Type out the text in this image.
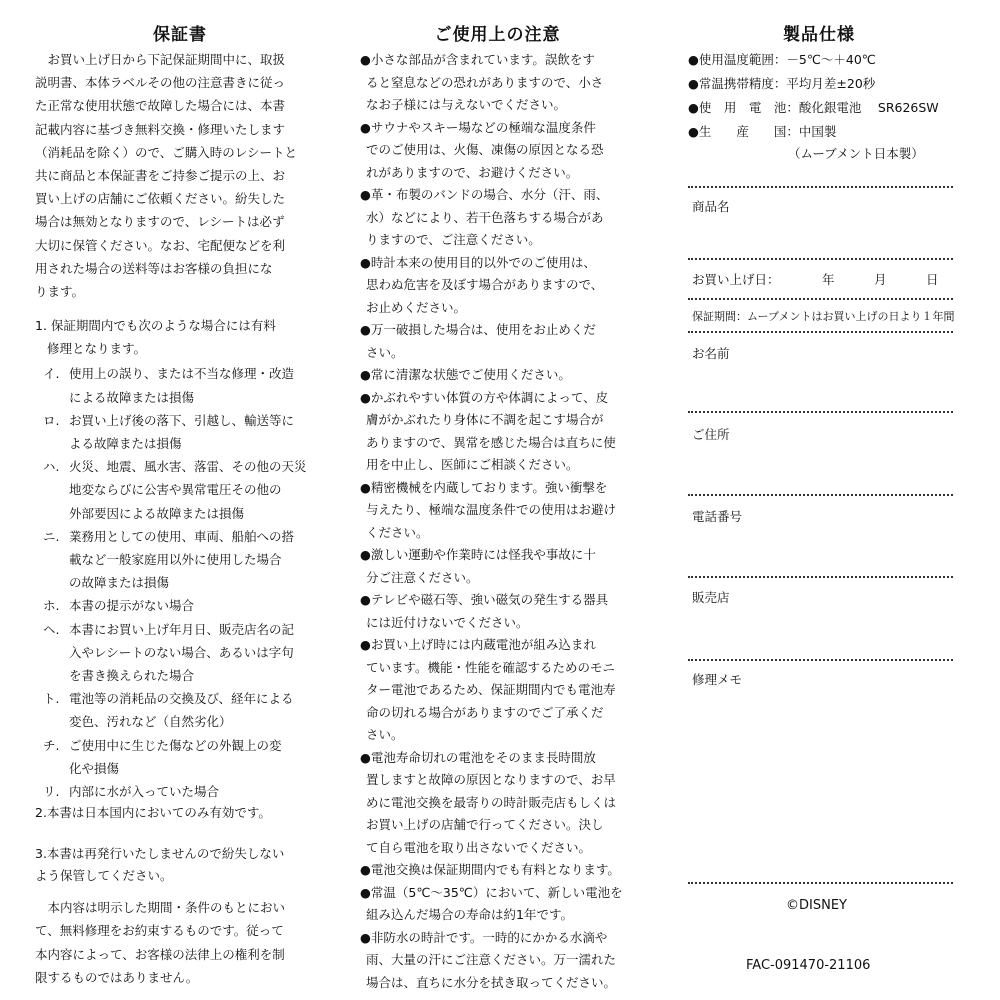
保証書
　お買い上げ日から下記保証期間中に、取扱
説明書、本体ラベルその他の注意書きに従っ
た正常な使用状態で故障した場合には、本書
記載内容に基づき無料交換・修理いたします
（消耗品を除く）ので、ご購入時のレシートと
共に商品と本保証書をご持参ご提示の上、お
買い上げの店舗にご依頼ください。紛失した
場合は無効となりますので、レシートは必ず
大切に保管ください。なお、宅配便などを利
用された場合の送料等はお客様の負担にな
ります。
1. 保証期間内でも次のような場合には有料
修理となります。
イ. 使用上の誤り、または不当な修理・改造
による故障または損傷
ロ. お買い上げ後の落下、引越し、輸送等に
よる故障または損傷
ハ. 火災、地震、風水害、落雷、その他の天災
地変ならびに公害や異常電圧その他の
外部要因による故障または損傷
ニ. 業務用としての使用、車両、船舶への搭
載など一般家庭用以外に使用した場合
の故障または損傷
ホ. 本書の提示がない場合
ヘ. 本書にお買い上げ年月日、販売店名の記
入やレシートのない場合、あるいは字句
を書き換えられた場合
ト. 電池等の消耗品の交換及び、経年による
変色、汚れなど（自然劣化）
チ. ご使用中に生じた傷などの外観上の変
化や損傷
リ. 内部に水が入っていた場合
2.本書は日本国内においてのみ有効です。
3.本書は再発行いたしませんので紛失しない
よう保管してください。
　本内容は明示した期間・条件のもとにおい
て、無料修理をお約束するものです。従って
本内容によって、お客様の法律上の権利を制
限するものではありません。
ご使用上の注意
●小さな部品が含まれています。誤飲をす
ると窒息などの恐れがありますので、小さ
なお子様には与えないでください。
●サウナやスキー場などの極端な温度条件
でのご使用は、火傷、凍傷の原因となる恐
れがありますので、お避けください。
●革・布製のバンドの場合、水分（汗、雨、
水）などにより、若干色落ちする場合があ
りますので、ご注意ください。
●時計本来の使用目的以外でのご使用は、
思わぬ危害を及ぼす場合がありますので、
お止めください。
●万一破損した場合は、使用をお止めくだ
さい。
●常に清潔な状態でご使用ください。
●かぶれやすい体質の方や体調によって、皮
膚がかぶれたり身体に不調を起こす場合が
ありますので、異常を感じた場合は直ちに使
用を中止し、医師にご相談ください。
●精密機械を内蔵しております。強い衝撃を
与えたり、極端な温度条件での使用はお避け
ください。
●激しい運動や作業時には怪我や事故に十
分ご注意ください。
●テレビや磁石等、強い磁気の発生する器具
には近付けないでください。
●お買い上げ時には内蔵電池が組み込まれ
ています。機能・性能を確認するためのモニ
ター電池であるため、保証期間内でも電池寿
命の切れる場合がありますのでご了承くだ
さい。
●電池寿命切れの電池をそのまま長時間放
置しますと故障の原因となりますので、お早
めに電池交換を最寄りの時計販売店もしくは
お買い上げの店舗で行ってください。決し
て自ら電池を取り出さないでください。
●電池交換は保証期間内でも有料となります。
●常温（5℃〜35℃）において、新しい電池を
組み込んだ場合の寿命は約1年です。
●非防水の時計です。一時的にかかる水滴や
雨、大量の汗にご注意ください。万一濡れた
場合は、直ちに水分を拭き取ってください。
製品仕様
●使用温度範囲：－5℃〜＋40℃
●常温携帯精度：平均月差±20秒
●使　用　電　池：酸化銀電池　 SR626SW
●生　　産　　国：中国製
（ムーブメント日本製）
商品名
お買い上げ日：	年	月	日
保証期間：ムーブメントはお買い上げの日より１年間
お名前
ご住所
電話番号
販売店
修理メモ
©DISNEY
FAC-091470-21106
